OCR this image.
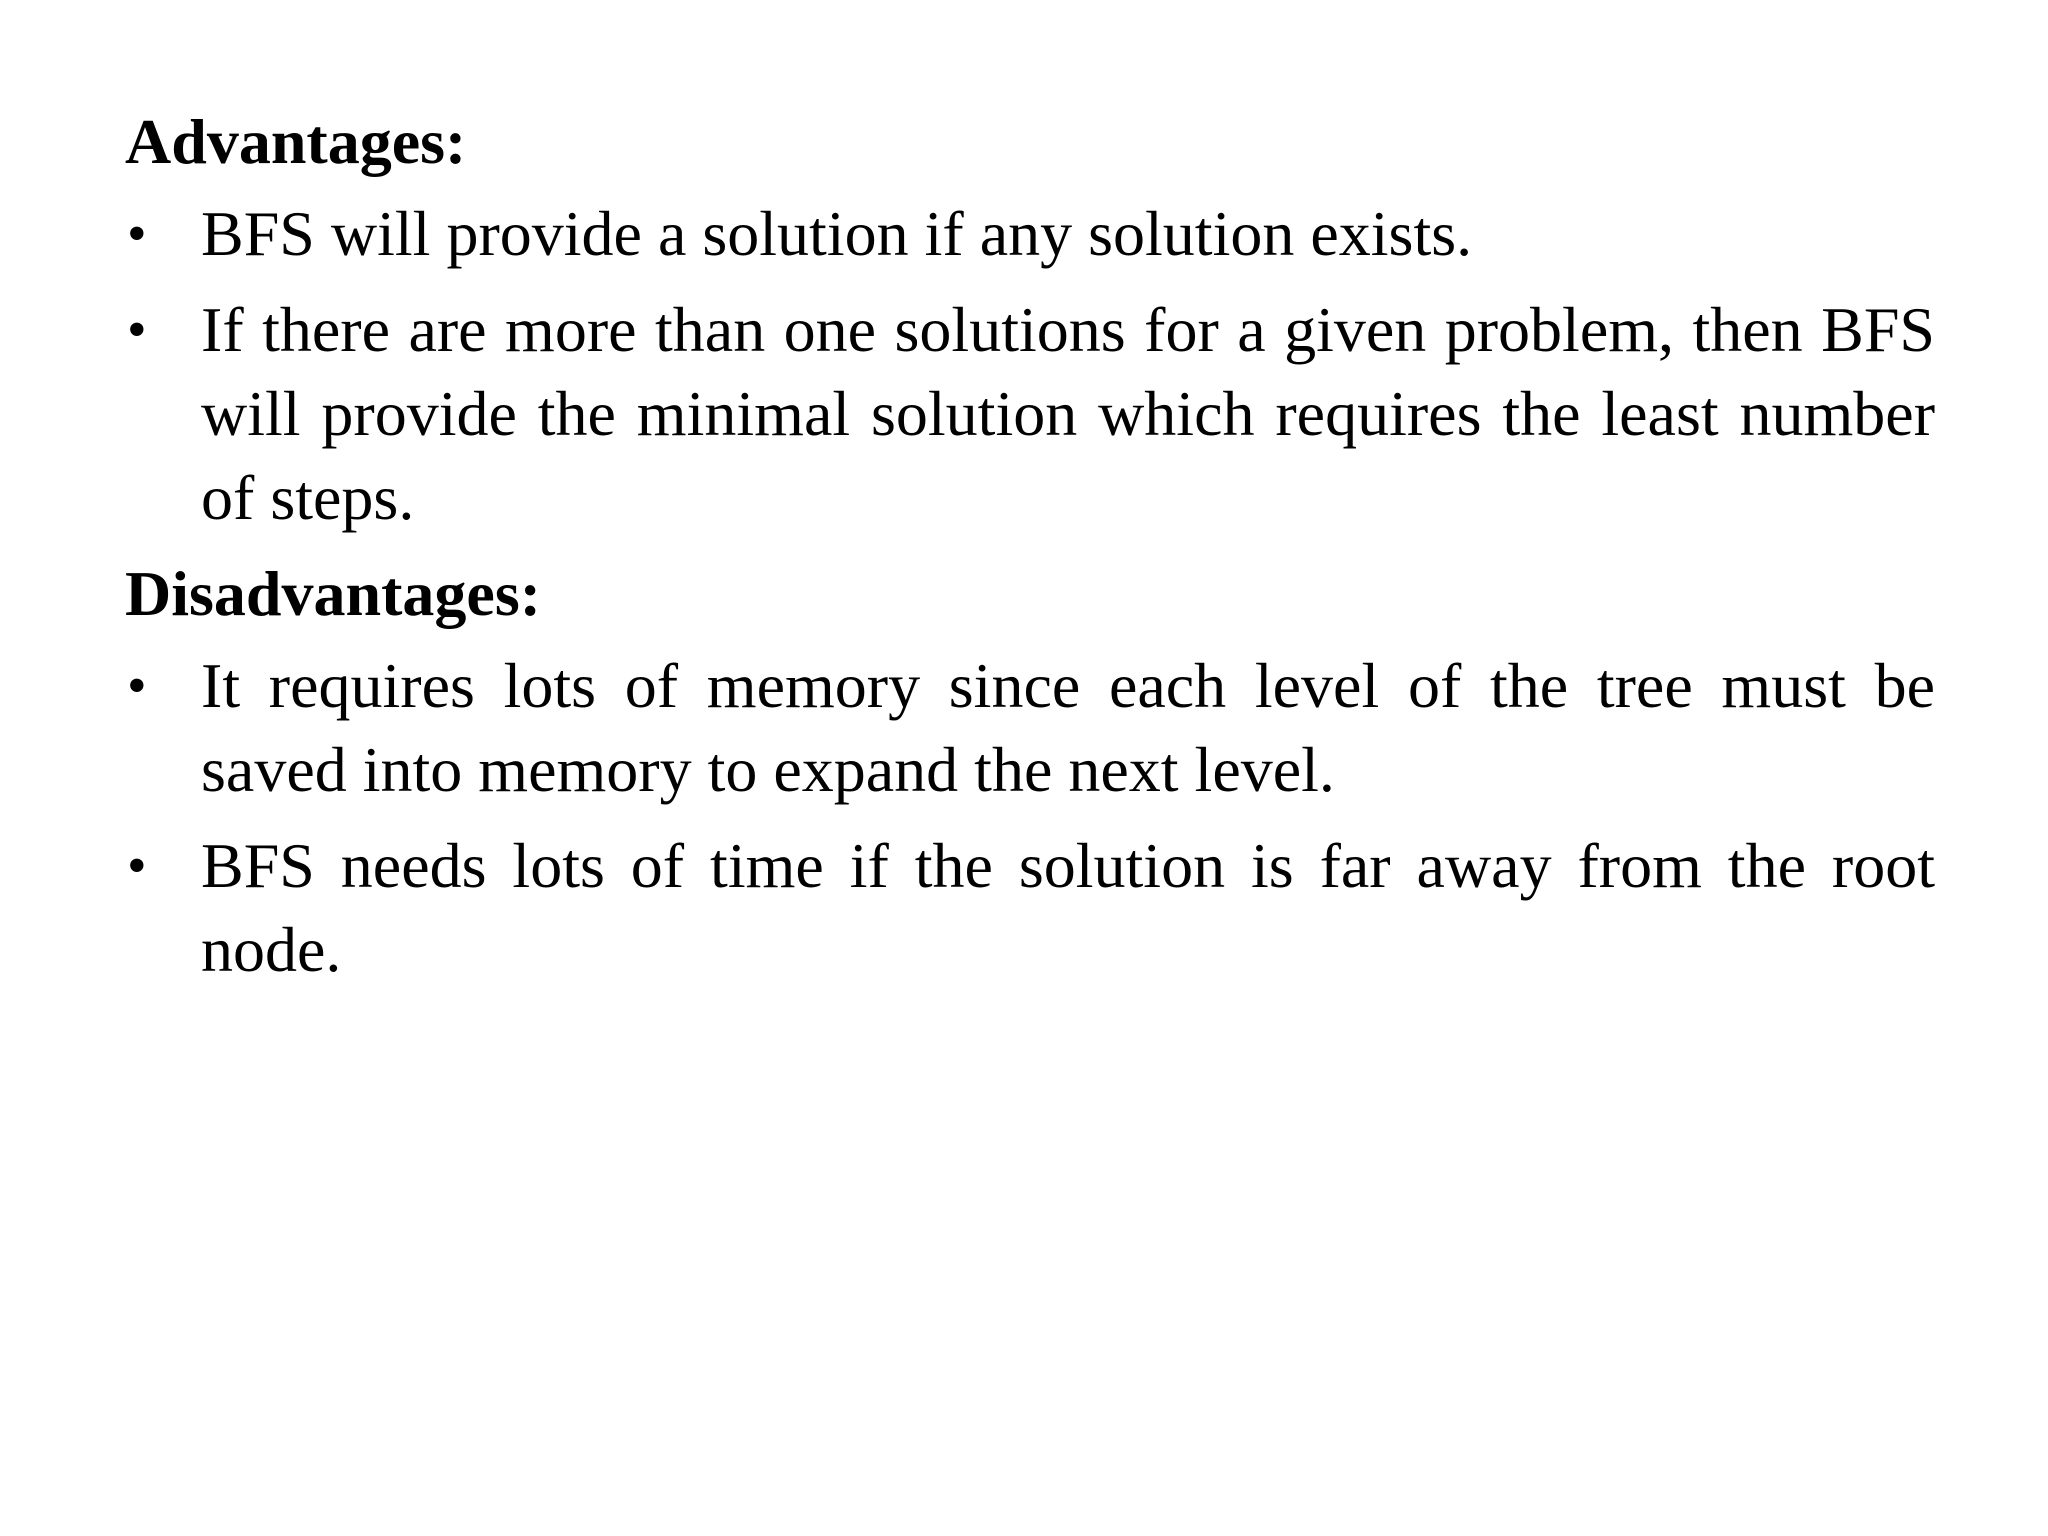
Advantages:
• BFS will provide a solution if any solution exists.
• If there are more than one solutions for a given problem, then BFS will provide the minimal solution which requires the least number of steps.
Disadvantages:
• It requires lots of memory since each level of the tree must be saved into memory to expand the next level.
• BFS needs lots of time if the solution is far away from the root node.
